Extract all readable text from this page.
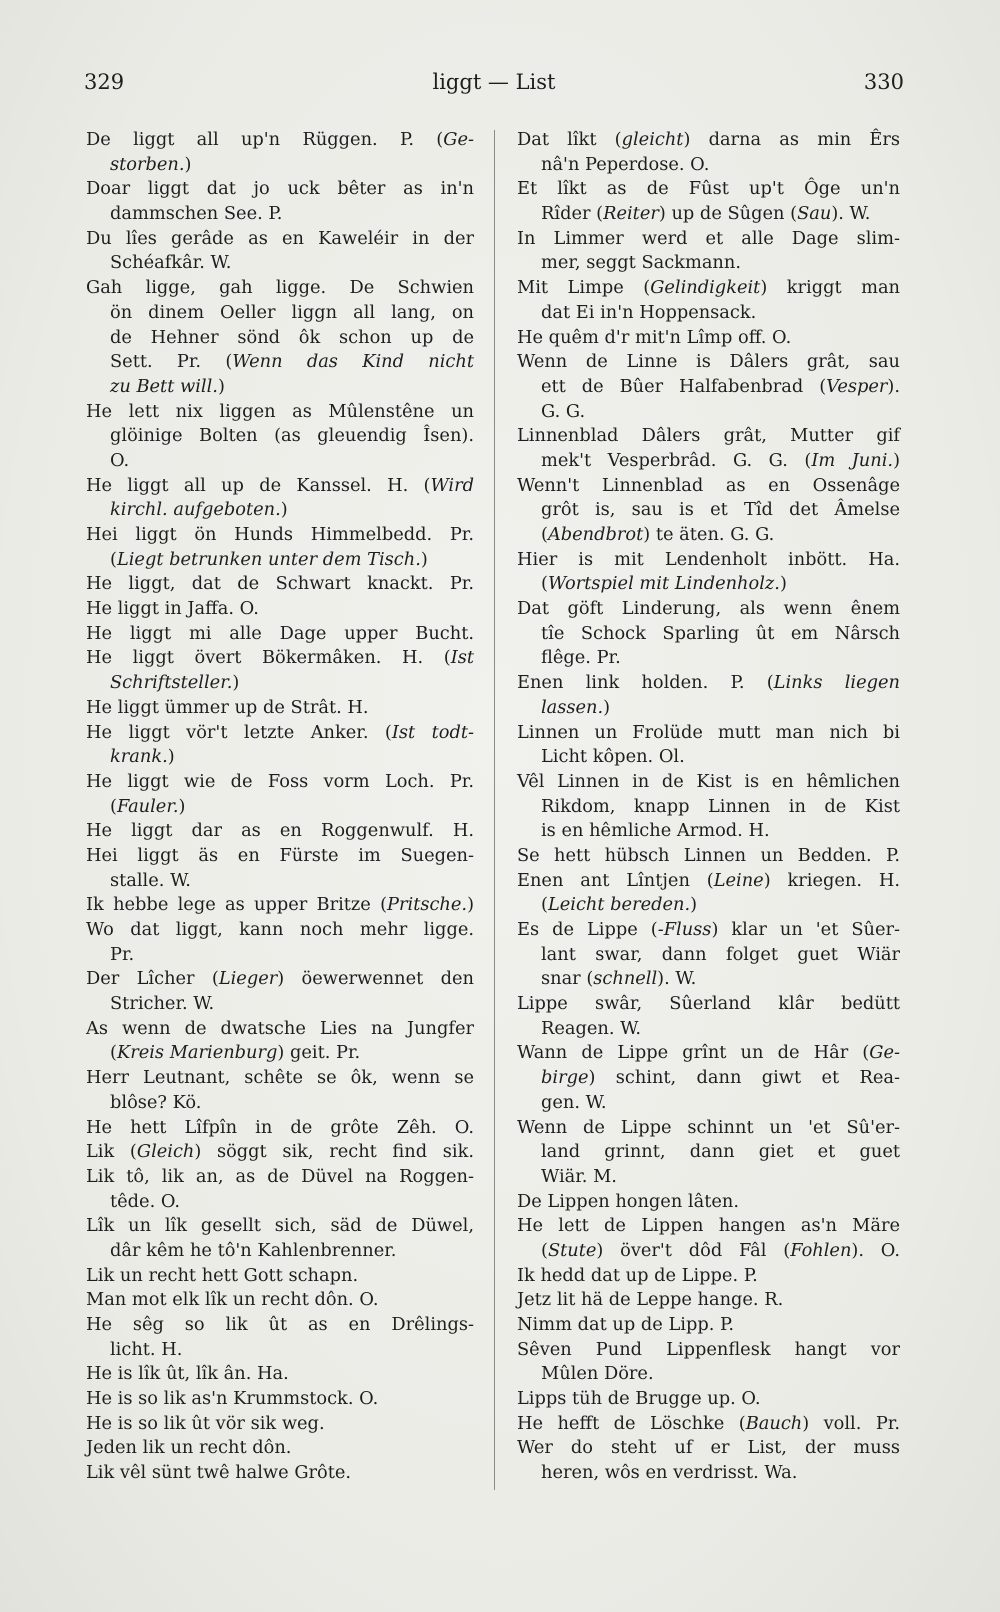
329	liggt — List	330
De liggt all up'n Rüggen. P. (Ge-
storben.)
Doar liggt dat jo uck bêter as in'n
dammschen See. P.
Du lîes gerâde as en Kaweléir in der
Schéafkâr. W.
Gah ligge, gah ligge. De Schwien
ön dinem Oeller liggn all lang, on
de Hehner sönd ôk schon up de
Sett. Pr. (Wenn das Kind nicht
zu Bett will.)
He lett nix liggen as Mûlenstêne un
glöinige Bolten (as gleuendig Îsen).
O.
He liggt all up de Kanssel. H. (Wird
kirchl. aufgeboten.)
Hei liggt ön Hunds Himmelbedd. Pr.
(Liegt betrunken unter dem Tisch.)
He liggt, dat de Schwart knackt. Pr.
He liggt in Jaffa. O.
He liggt mi alle Dage upper Bucht.
He liggt övert Bökermâken. H. (Ist
Schriftsteller.)
He liggt ümmer up de Strât. H.
He liggt vör't letzte Anker. (Ist todt-
krank.)
He liggt wie de Foss vorm Loch. Pr.
(Fauler.)
He liggt dar as en Roggenwulf. H.
Hei liggt äs en Fürste im Suegen-
stalle. W.
Ik hebbe lege as upper Britze (Pritsche.)
Wo dat liggt, kann noch mehr ligge.
Pr.
Der Lîcher (Lieger) öewerwennet den
Stricher. W.
As wenn de dwatsche Lies na Jungfer
(Kreis Marienburg) geit. Pr.
Herr Leutnant, schête se ôk, wenn se
blôse? Kö.
He hett Lîfpîn in de grôte Zêh. O.
Lik (Gleich) söggt sik, recht find sik.
Lik tô, lik an, as de Düvel na Roggen-
têde. O.
Lîk un lîk gesellt sich, säd de Düwel,
dâr kêm he tô'n Kahlenbrenner.
Lik un recht hett Gott schapn.
Man mot elk lîk un recht dôn. O.
He sêg so lik ût as en Drêlings-
licht. H.
He is lîk ût, lîk ân. Ha.
He is so lik as'n Krummstock. O.
He is so lik ût vör sik weg.
Jeden lik un recht dôn.
Lik vêl sünt twê halwe Grôte.
Dat lîkt (gleicht) darna as min Êrs
nâ'n Peperdose. O.
Et lîkt as de Fûst up't Ôge un'n
Rîder (Reiter) up de Sûgen (Sau). W.
In Limmer werd et alle Dage slim-
mer, seggt Sackmann.
Mit Limpe (Gelindigkeit) kriggt man
dat Ei in'n Hoppensack.
He quêm d'r mit'n Lîmp off. O.
Wenn de Linne is Dâlers grât, sau
ett de Bûer Halfabenbrad (Vesper).
G. G.
Linnenblad Dâlers grât, Mutter gif
mek't Vesperbrâd. G. G. (Im Juni.)
Wenn't Linnenblad as en Ossenâge
grôt is, sau is et Tîd det Âmelse
(Abendbrot) te äten. G. G.
Hier is mit Lendenholt inbött. Ha.
(Wortspiel mit Lindenholz.)
Dat göft Linderung, als wenn ênem
tîe Schock Sparling ût em Nârsch
flêge. Pr.
Enen link holden. P. (Links liegen
lassen.)
Linnen un Frolüde mutt man nich bi
Licht kôpen. Ol.
Vêl Linnen in de Kist is en hêmlichen
Rikdom, knapp Linnen in de Kist
is en hêmliche Armod. H.
Se hett hübsch Linnen un Bedden. P.
Enen ant Lîntjen (Leine) kriegen. H.
(Leicht bereden.)
Es de Lippe (-Fluss) klar un 'et Sûer-
lant swar, dann folget guet Wiär
snar (schnell). W.
Lippe swâr, Sûerland klâr bedütt
Reagen. W.
Wann de Lippe grînt un de Hâr (Ge-
birge) schint, dann giwt et Rea-
gen. W.
Wenn de Lippe schinnt un 'et Sû'er-
land grinnt, dann giet et guet
Wiär. M.
De Lippen hongen lâten.
He lett de Lippen hangen as'n Märe
(Stute) över't dôd Fâl (Fohlen). O.
Ik hedd dat up de Lippe. P.
Jetz lit hä de Leppe hange. R.
Nimm dat up de Lipp. P.
Sêven Pund Lippenflesk hangt vor
Mûlen Döre.
Lipps tüh de Brugge up. O.
He hefft de Löschke (Bauch) voll. Pr.
Wer do steht uf er List, der muss
heren, wôs en verdrisst. Wa.
